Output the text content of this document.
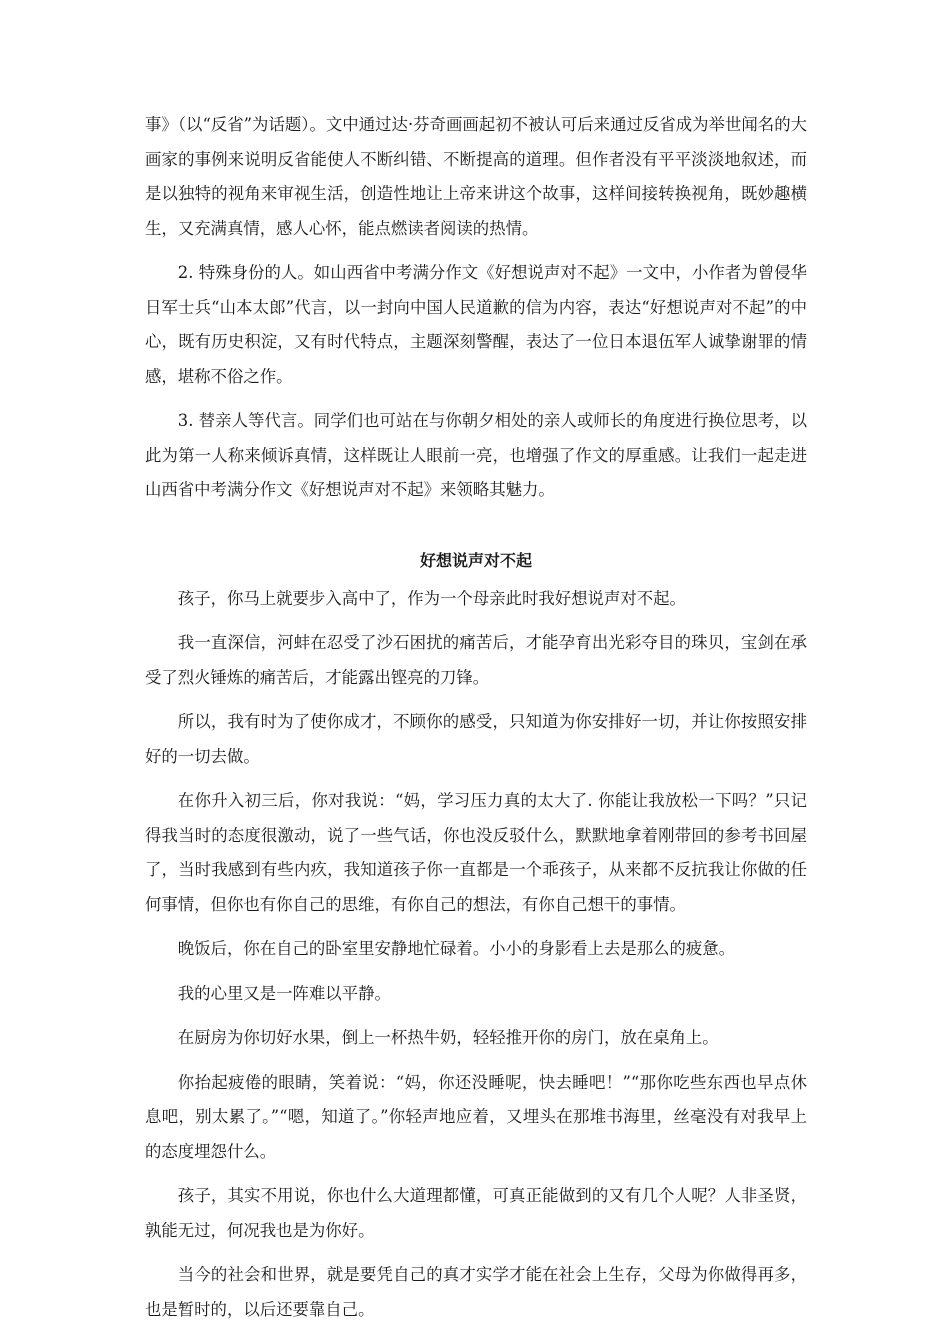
事》（以“反省”为话题）。文中通过达·芬奇画画起初不被认可后来通过反省成为举世闻名的大画家的事例来说明反省能使人不断纠错、不断提高的道理。但作者没有平平淡淡地叙述，而是以独特的视角来审视生活，创造性地让上帝来讲这个故事，这样间接转换视角，既妙趣横生，又充满真情，感人心怀，能点燃读者阅读的热情。

2. 特殊身份的人。如山西省中考满分作文《好想说声对不起》一文中，小作者为曾侵华日军士兵“山本太郎”代言，以一封向中国人民道歉的信为内容，表达“好想说声对不起”的中心，既有历史积淀，又有时代特点，主题深刻警醒，表达了一位日本退伍军人诚挚谢罪的情感，堪称不俗之作。

3. 替亲人等代言。同学们也可站在与你朝夕相处的亲人或师长的角度进行换位思考，以此为第一人称来倾诉真情，这样既让人眼前一亮，也增强了作文的厚重感。让我们一起走进山西省中考满分作文《好想说声对不起》来领略其魅力。

好想说声对不起

孩子，你马上就要步入高中了，作为一个母亲此时我好想说声对不起。

我一直深信，河蚌在忍受了沙石困扰的痛苦后，才能孕育出光彩夺目的珠贝，宝剑在承受了烈火锤炼的痛苦后，才能露出铿亮的刀锋。

所以，我有时为了使你成才，不顾你的感受，只知道为你安排好一切，并让你按照安排好的一切去做。

在你升入初三后，你对我说：“妈，学习压力真的太大了. 你能让我放松一下吗？”只记得我当时的态度很激动，说了一些气话，你也没反驳什么，默默地拿着刚带回的参考书回屋了，当时我感到有些内疚，我知道孩子你一直都是一个乖孩子，从来都不反抗我让你做的任何事情，但你也有你自己的思维，有你自己的想法，有你自己想干的事情。

晚饭后，你在自己的卧室里安静地忙碌着。小小的身影看上去是那么的疲惫。

我的心里又是一阵难以平静。

在厨房为你切好水果，倒上一杯热牛奶，轻轻推开你的房门，放在桌角上。

你抬起疲倦的眼睛，笑着说：“妈，你还没睡呢，快去睡吧！”“那你吃些东西也早点休息吧，别太累了。”“嗯，知道了。”你轻声地应着，又埋头在那堆书海里，丝毫没有对我早上的态度埋怨什么。

孩子，其实不用说，你也什么大道理都懂，可真正能做到的又有几个人呢？人非圣贤，孰能无过，何况我也是为你好。

当今的社会和世界，就是要凭自己的真才实学才能在社会上生存，父母为你做得再多，也是暂时的，以后还要靠自己。
